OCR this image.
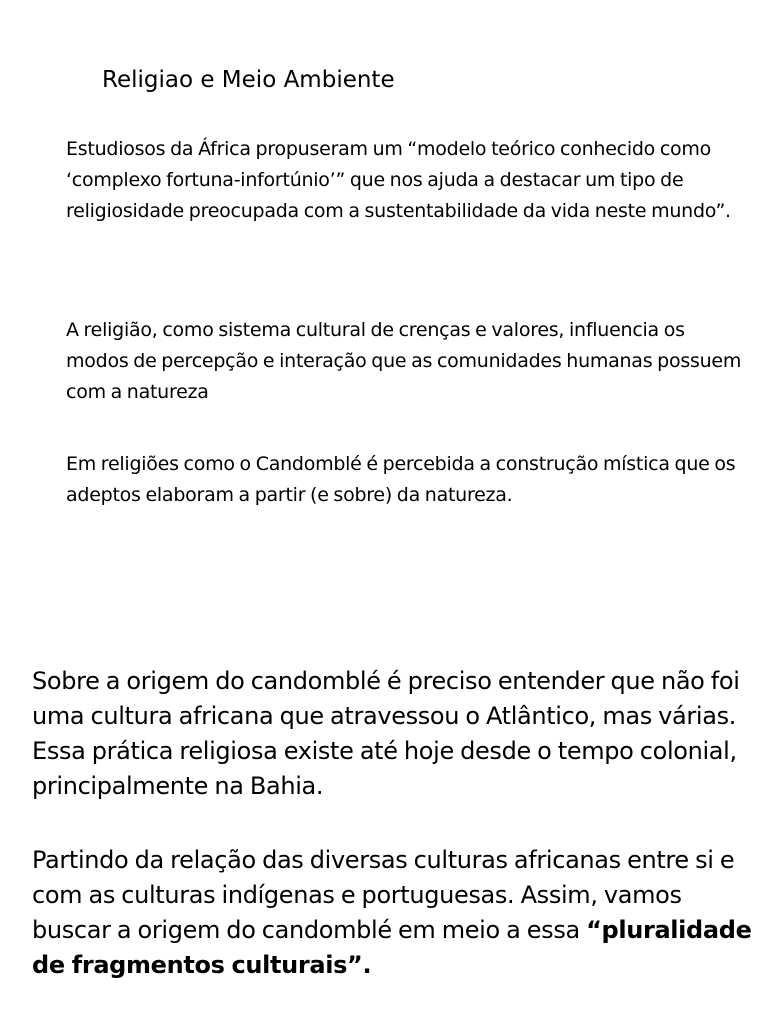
Religiao e Meio Ambiente

Estudiosos da África propuseram um “modelo teórico conhecido como ‘complexo fortuna-infortúnio’” que nos ajuda a destacar um tipo de religiosidade preocupada com a sustentabilidade da vida neste mundo”.

A religião, como sistema cultural de crenças e valores, influencia os modos de percepção e interação que as comunidades humanas possuem com a natureza

Em religiões como o Candomblé é percebida a construção mística que os adeptos elaboram a partir (e sobre) da natureza.

Sobre a origem do candomblé é preciso entender que não foi uma cultura africana que atravessou o Atlântico, mas várias. Essa prática religiosa existe até hoje desde o tempo colonial, principalmente na Bahia.

Partindo da relação das diversas culturas africanas entre si e com as culturas indígenas e portuguesas. Assim, vamos buscar a origem do candomblé em meio a essa “pluralidade de fragmentos culturais”.
